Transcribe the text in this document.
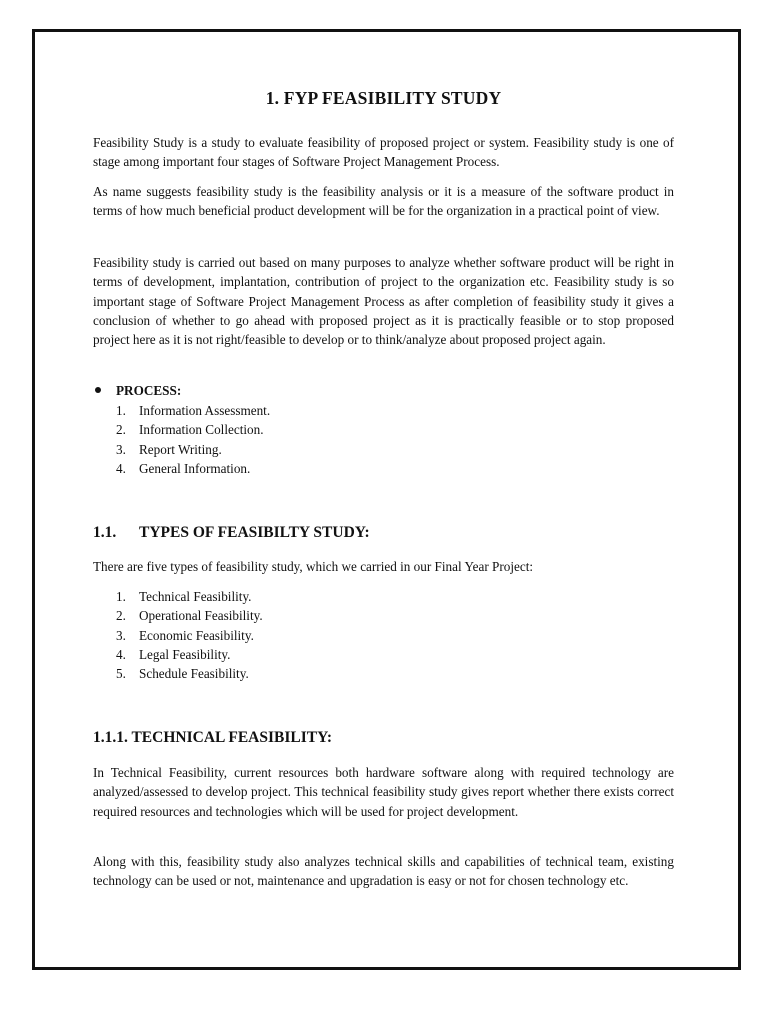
1. FYP FEASIBILITY STUDY

Feasibility Study is a study to evaluate feasibility of proposed project or system. Feasibility study is one of stage among important four stages of Software Project Management Process.

As name suggests feasibility study is the feasibility analysis or it is a measure of the software product in terms of how much beneficial product development will be for the organization in a practical point of view.

Feasibility study is carried out based on many purposes to analyze whether software product will be right in terms of development, implantation, contribution of project to the organization etc. Feasibility study is so important stage of Software Project Management Process as after completion of feasibility study it gives a conclusion of whether to go ahead with proposed project as it is practically feasible or to stop proposed project here as it is not right/feasible to develop or to think/analyze about proposed project again.

PROCESS:
1. Information Assessment.
2. Information Collection.
3. Report Writing.
4. General Information.
1.1. TYPES OF FEASIBILTY STUDY:

There are five types of feasibility study, which we carried in our Final Year Project:

1. Technical Feasibility.
2. Operational Feasibility.
3. Economic Feasibility.
4. Legal Feasibility.
5. Schedule Feasibility.
1.1.1. TECHNICAL FEASIBILITY:

In Technical Feasibility, current resources both hardware software along with required technology are analyzed/assessed to develop project. This technical feasibility study gives report whether there exists correct required resources and technologies which will be used for project development.

Along with this, feasibility study also analyzes technical skills and capabilities of technical team, existing technology can be used or not, maintenance and upgradation is easy or not for chosen technology etc.
